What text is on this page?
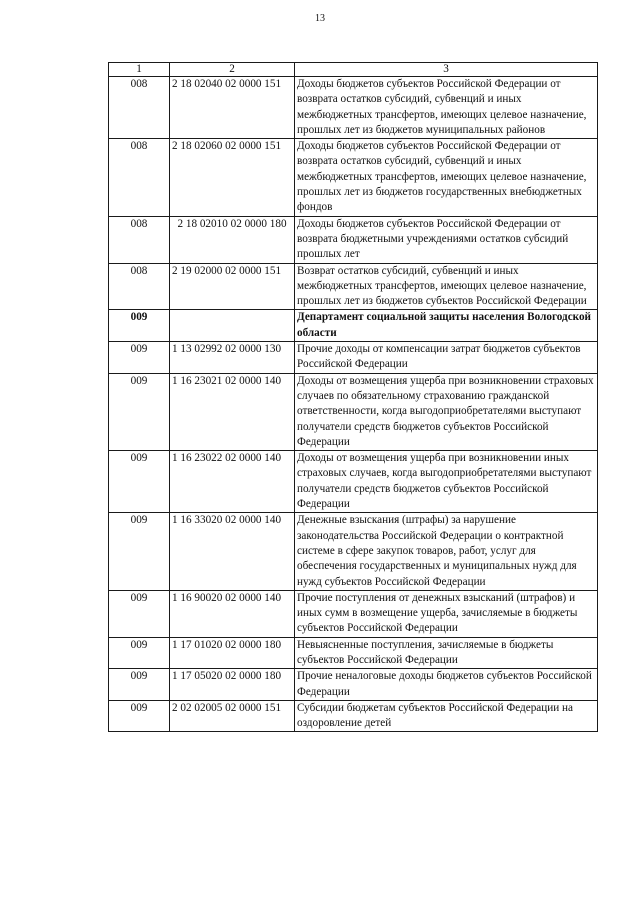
13
1	2	3
008	2 18 02040 02 0000 151	Доходы бюджетов субъектов Российской Федерации от возврата остатков субсидий, субвенций и иных межбюджетных трансфертов, имеющих целевое назначение, прошлых лет из бюджетов муниципальных районов
008	2 18 02060 02 0000 151	Доходы бюджетов субъектов Российской Федерации от возврата остатков субсидий, субвенций и иных межбюджетных трансфертов, имеющих целевое назначение, прошлых лет из бюджетов государственных внебюджетных фондов
008	2 18 02010 02 0000 180	Доходы бюджетов субъектов Российской Федерации от возврата бюджетными учреждениями остатков субсидий прошлых лет
008	2 19 02000 02 0000 151	Возврат остатков субсидий, субвенций и иных межбюджетных трансфертов, имеющих целевое назначение, прошлых лет из бюджетов субъектов Российской Федерации
009		Департамент социальной защиты населения Вологодской области
009	1 13 02992 02 0000 130	Прочие доходы от компенсации затрат бюджетов субъектов Российской Федерации
009	1 16 23021 02 0000 140	Доходы от возмещения ущерба при возникновении страховых случаев по обязательному страхованию гражданской ответственности, когда выгодоприобретателями выступают получатели средств бюджетов субъектов Российской Федерации
009	1 16 23022 02 0000 140	Доходы от возмещения ущерба при возникновении иных страховых случаев, когда выгодоприобретателями выступают получатели средств бюджетов субъектов Российской Федерации
009	1 16 33020 02 0000 140	Денежные взыскания (штрафы) за нарушение законодательства Российской Федерации о контрактной системе в сфере закупок товаров, работ, услуг для обеспечения государственных и муниципальных нужд для нужд субъектов Российской Федерации
009	1 16 90020 02 0000 140	Прочие поступления от денежных взысканий (штрафов) и иных сумм в возмещение ущерба, зачисляемые в бюджеты субъектов Российской Федерации
009	1 17 01020 02 0000 180	Невыясненные поступления, зачисляемые в бюджеты субъектов Российской Федерации
009	1 17 05020 02 0000 180	Прочие неналоговые доходы бюджетов субъектов Российской Федерации
009	2 02 02005 02 0000 151	Субсидии бюджетам субъектов Российской Федерации на оздоровление детей
